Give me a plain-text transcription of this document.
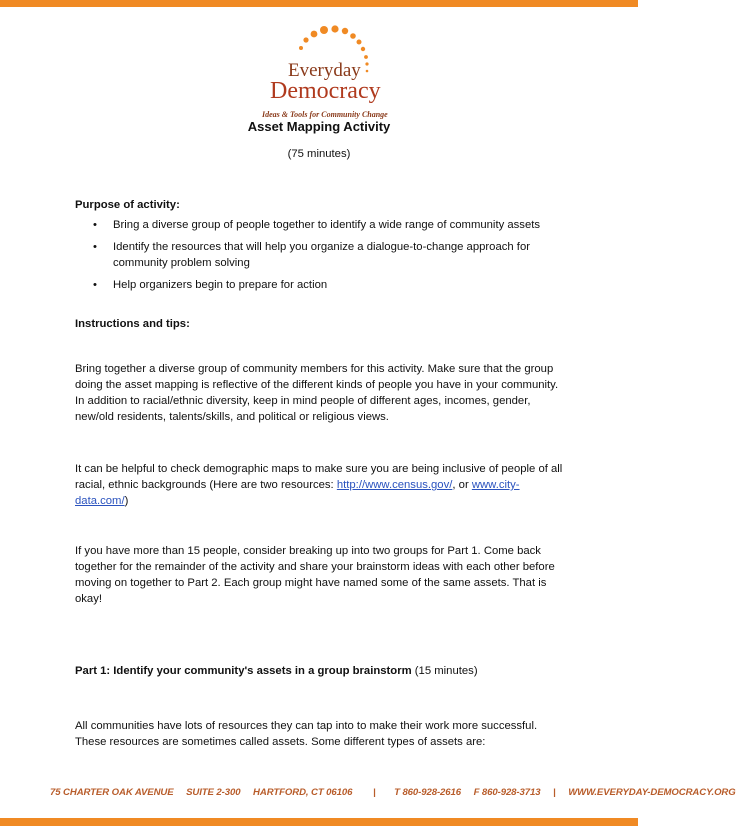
Everyday
Democracy
Ideas & Tools for Community Change
Asset Mapping Activity
(75 minutes)
Purpose of activity:
• Bring a diverse group of people together to identify a wide range of community assets
• Identify the resources that will help you organize a dialogue-to-change approach for community problem solving
• Help organizers begin to prepare for action
Instructions and tips:
Bring together a diverse group of community members for this activity. Make sure that the group doing the asset mapping is reflective of the different kinds of people you have in your community. In addition to racial/ethnic diversity, keep in mind people of different ages, incomes, gender, new/old residents, talents/skills, and political or religious views.
It can be helpful to check demographic maps to make sure you are being inclusive of people of all racial, ethnic backgrounds (Here are two resources: http://www.census.gov/, or www.city-data.com/)
If you have more than 15 people, consider breaking up into two groups for Part 1. Come back together for the remainder of the activity and share your brainstorm ideas with each other before moving on together to Part 2. Each group might have named some of the same assets. That is okay!
Part 1: Identify your community's assets in a group brainstorm (15 minutes)
All communities have lots of resources they can tap into to make their work more successful. These resources are sometimes called assets. Some different types of assets are:
75 CHARTER OAK AVENUE SUITE 2-300 HARTFORD, CT 06106 | T 860-928-2616 F 860-928-3713 | WWW.EVERYDAY-DEMOCRACY.ORG
